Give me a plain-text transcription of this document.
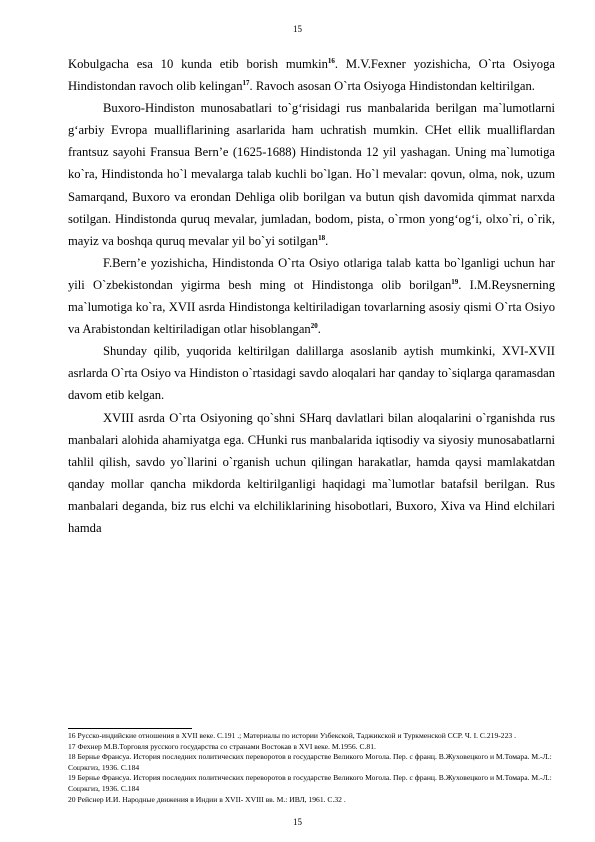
15

Kobulgacha esa 10 kunda etib borish mumkin$^{16}$. M.V.Fexner yozishicha, O`rta Osiyoga Hindistondan ravoch olib kelingan$^{17}$. Ravoch asosan O`rta Osiyoga Hindistondan keltirilgan.

Buxoro-Hindiston munosabatlari to`g‘risidagi rus manbalarida berilgan ma`lumotlarni g‘arbiy Evropa mualliflarining asarlarida ham uchratish mumkin. CHet ellik mualliflardan frantsuz sayohi Fransua Bern’e (1625-1688) Hindistonda 12 yil yashagan. Uning ma`lumotiga ko`ra, Hindistonda ho`l mevalarga talab kuchli bo`lgan. Ho`l mevalar: qovun, olma, nok, uzum Samarqand, Buxoro va erondan Dehliga olib borilgan va butun qish davomida qimmat narxda sotilgan. Hindistonda quruq mevalar, jumladan, bodom, pista, o`rmon yong‘og‘i, olxo`ri, o`rik, mayiz va boshqa quruq mevalar yil bo`yi sotilgan$^{18}$.

F.Bern’e yozishicha, Hindistonda O`rta Osiyo otlariga talab katta bo`lganligi uchun har yili O`zbekistondan yigirma besh ming ot Hindistonga olib borilgan$^{19}$. I.M.Reysnerning ma`lumotiga ko`ra, XVII asrda Hindistonga keltiriladigan tovarlarning asosiy qismi O`rta Osiyo va Arabistondan keltiriladigan otlar hisoblangan$^{20}$.

Shunday qilib, yuqorida keltirilgan dalillarga asoslanib aytish mumkinki, XVI-XVII asrlarda O`rta Osiyo va Hindiston o`rtasidagi savdo aloqalari har qanday to`siqlarga qaramasdan davom etib kelgan.

XVIII asrda O`rta Osiyoning qo`shni SHarq davlatlari bilan aloqalarini o`rganishda rus manbalari alohida ahamiyatga ega. CHunki rus manbalarida iqtisodiy va siyosiy munosabatlarni tahlil qilish, savdo yo`llarini o`rganish uchun qilingan harakatlar, hamda qaysi mamlakatdan qanday mollar qancha mikdorda keltirilganligi haqidagi ma`lumotlar batafsil berilgan. Rus manbalari deganda, biz rus elchi va elchiliklarining hisobotlari, Buxoro, Xiva va Hind elchilari hamda

16 Русско-индийские отношения в XVII веке. С.191 .; Материалы по истории Узбекской, Таджикской и Туркменской ССР. Ч. I. С.219-223 .
17 Фехнер М.В.Торговля русского государства со странами Востокав в XVI веке. М.1956. С.81.
18 Бернье Франсуа. История последних политических переворотов в государстве Великого Могола. Пер. с франц. В.Жуховецкого и М.Томара. М.-Л.: Соцэкгиз, 1936. С.184
19 Бернье Франсуа. История последних политических переворотов в государстве Великого Могола. Пер. с франц. В.Жуховецкого и М.Томара. М.-Л.: Соцэкгиз, 1936. С.184
20 Рейснер И.И. Народные движения в Индии в XVII- XVIII вв. М.: ИВЛ, 1961. С.32 .
15
